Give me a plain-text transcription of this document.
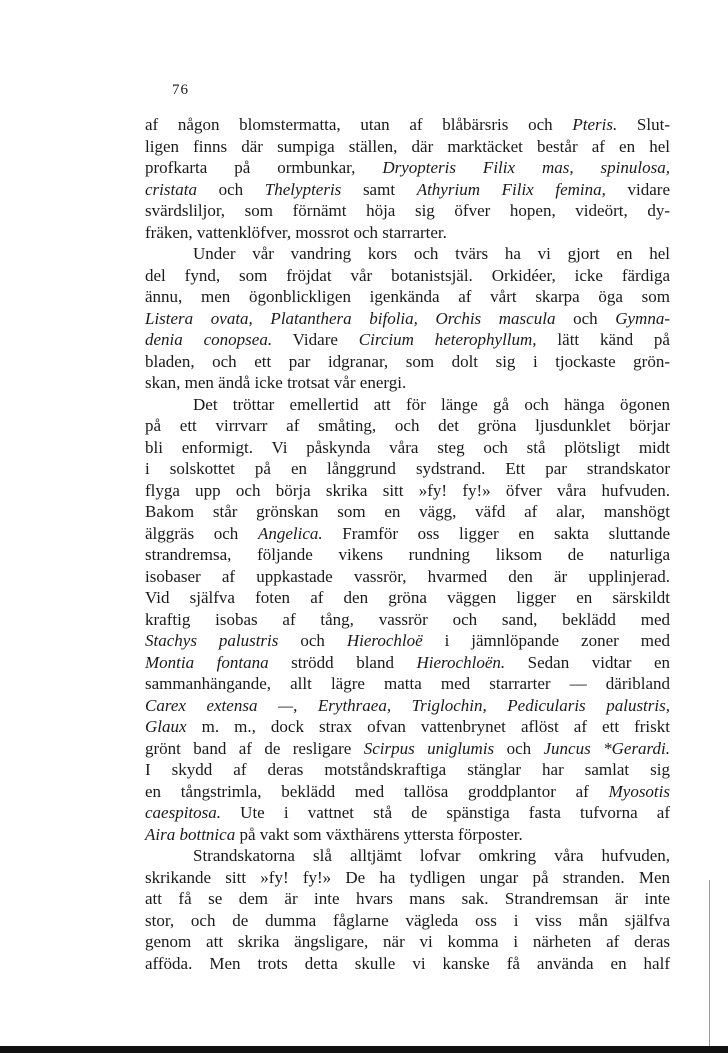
76
af någon blomstermatta, utan af blåbärsris och Pteris. Slut-
ligen finns där sumpiga ställen, där marktäcket består af en hel
profkarta på ormbunkar, Dryopteris Filix mas, spinulosa,
cristata och Thelypteris samt Athyrium Filix femina, vidare
svärdsliljor, som förnämt höja sig öfver hopen, videört, dy-
fräken, vattenklöfver, mossrot och starrarter.
Under vår vandring kors och tvärs ha vi gjort en hel
del fynd, som fröjdat vår botanistsjäl. Orkidéer, icke färdiga
ännu, men ögonblickligen igenkända af vårt skarpa öga som
Listera ovata, Platanthera bifolia, Orchis mascula och Gymna-
denia conopsea. Vidare Circium heterophyllum, lätt känd på
bladen, och ett par idgranar, som dolt sig i tjockaste grön-
skan, men ändå icke trotsat vår energi.
Det tröttar emellertid att för länge gå och hänga ögonen
på ett virrvarr af småting, och det gröna ljusdunklet börjar
bli enformigt. Vi påskynda våra steg och stå plötsligt midt
i solskottet på en långgrund sydstrand. Ett par strandskator
flyga upp och börja skrika sitt »fy! fy!» öfver våra hufvuden.
Bakom står grönskan som en vägg, väfd af alar, manshögt
älggräs och Angelica. Framför oss ligger en sakta sluttande
strandremsa, följande vikens rundning liksom de naturliga
isobaser af uppkastade vassrör, hvarmed den är upplinjerad.
Vid själfva foten af den gröna väggen ligger en särskildt
kraftig isobas af tång, vassrör och sand, beklädd med
Stachys palustris och Hierochloë i jämnlöpande zoner med
Montia fontana strödd bland Hierochloën. Sedan vidtar en
sammanhängande, allt lägre matta med starrarter — däribland
Carex extensa —, Erythraea, Triglochin, Pedicularis palustris,
Glaux m. m., dock strax ofvan vattenbrynet aflöst af ett friskt
grönt band af de resligare Scirpus uniglumis och Juncus *Gerardi.
I skydd af deras motståndskraftiga stänglar har samlat sig
en tångstrimla, beklädd med tallösa groddplantor af Myosotis
caespitosa. Ute i vattnet stå de spänstiga fasta tufvorna af
Aira bottnica på vakt som växthärens yttersta förposter.
Strandskatorna slå alltjämt lofvar omkring våra hufvuden,
skrikande sitt »fy! fy!» De ha tydligen ungar på stranden. Men
att få se dem är inte hvars mans sak. Strandremsan är inte
stor, och de dumma fåglarne vägleda oss i viss mån själfva
genom att skrika ängsligare, när vi komma i närheten af deras
afföda. Men trots detta skulle vi kanske få använda en half
